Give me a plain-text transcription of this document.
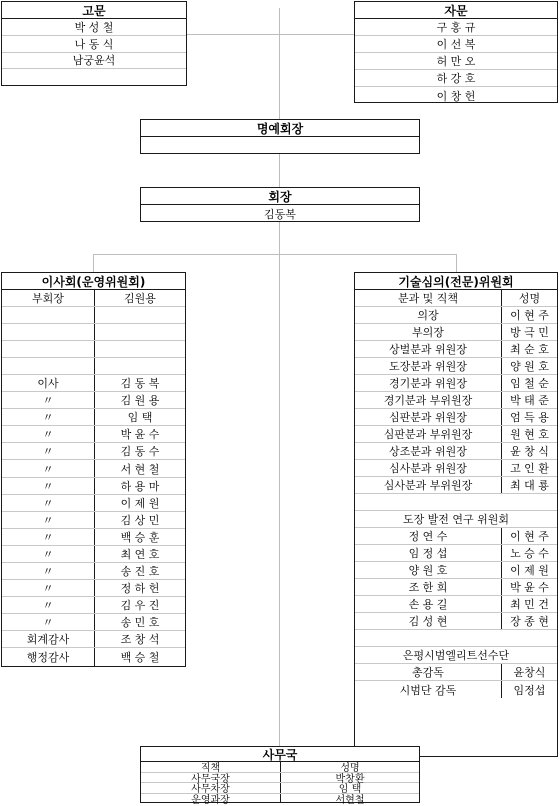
고문
박 성 철
나 동 식
남궁윤석
자문
구 홍 규
이 선 복
허 만 오
하 강 호
이 창 헌
명예회장
회장
김동복
이사회(운영위원회)
부회장	김원용
이사	김 동 복
〃	김 원 용
〃	임 택
〃	박 윤 수
〃	김 동 수
〃	서 현 철
〃	하 용 마
〃	이 제 원
〃	김 상 민
〃	백 승 훈
〃	최 연 호
〃	송 진 호
〃	정 하 헌
〃	김 우 진
〃	송 민 호
회계감사	조 창 석
행정감사	백 승 철
기술심의(전문)위원회
분과 및 직책	성명
의장	이 현 주
부의장	방 극 민
상벌분과 위원장	최 순 호
도장분과 위원장	양 원 호
경기분과 위원장	임 철 순
경기분과 부위원장	박 태 준
심판분과 위원장	엄 득 용
심판분과 부위원장	원 현 호
상조분과 위원장	윤 창 식
심사분과 위원장	고 인 환
심사분과 부위원장	최 대 룡
도장 발전 연구 위원회
정 연 수	이 현 주
임 정 섭	노 승 수
양 원 호	이 제 원
조 한 희	박 윤 수
손 용 길	최 민 건
김 성 현	장 종 현
은평시범엘리트선수단
총감독	윤창식
시범단 감독	임정섭
사무국
직책	성명
사무국장	박창환
사무차장	임 택
운영과장	서현철
